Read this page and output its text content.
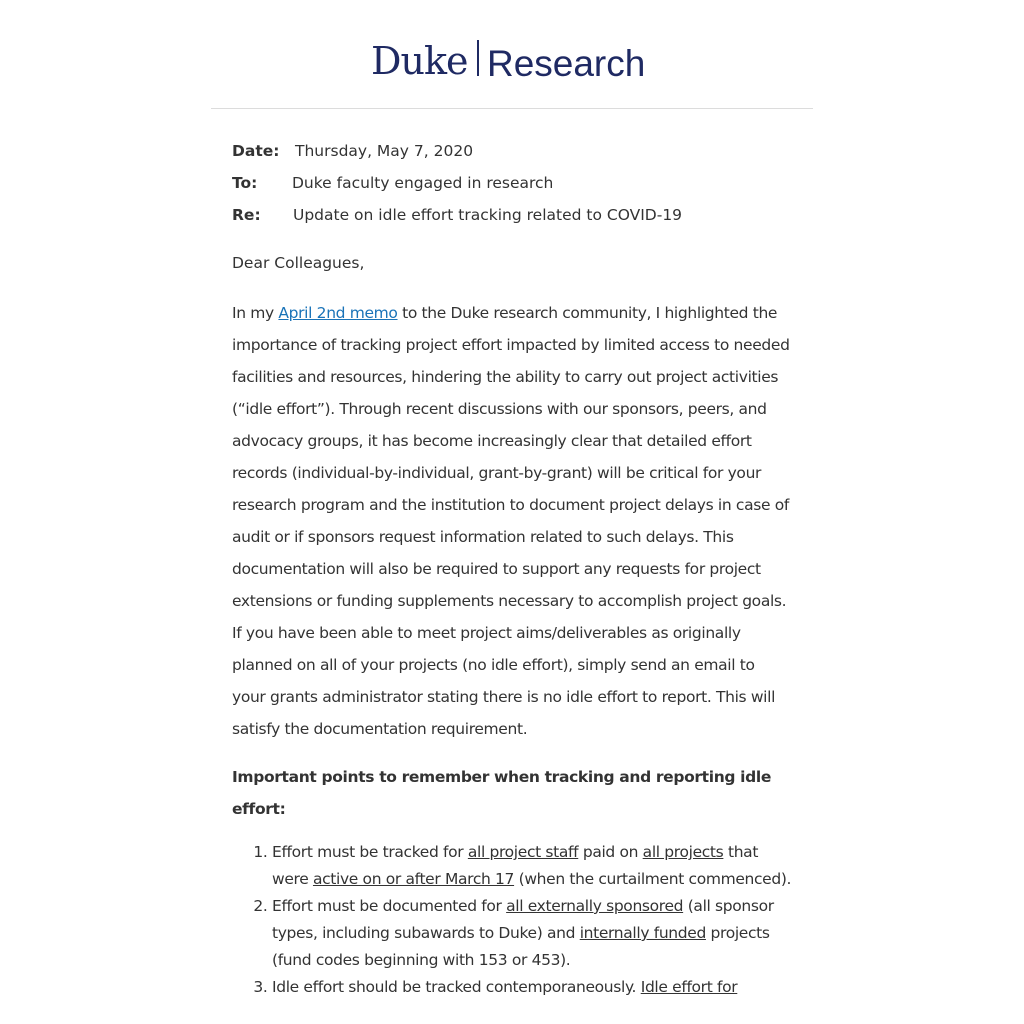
Duke Research
Date: Thursday, May 7, 2020
To: Duke faculty engaged in research
Re: Update on idle effort tracking related to COVID-19
Dear Colleagues,
In my April 2nd memo to the Duke research community, I highlighted the importance of tracking project effort impacted by limited access to needed facilities and resources, hindering the ability to carry out project activities (“idle effort”). Through recent discussions with our sponsors, peers, and advocacy groups, it has become increasingly clear that detailed effort records (individual-by-individual, grant-by-grant) will be critical for your research program and the institution to document project delays in case of audit or if sponsors request information related to such delays. This documentation will also be required to support any requests for project extensions or funding supplements necessary to accomplish project goals. If you have been able to meet project aims/deliverables as originally planned on all of your projects (no idle effort), simply send an email to your grants administrator stating there is no idle effort to report. This will satisfy the documentation requirement.
Important points to remember when tracking and reporting idle effort:
1. Effort must be tracked for all project staff paid on all projects that were active on or after March 17 (when the curtailment commenced).
2. Effort must be documented for all externally sponsored (all sponsor types, including subawards to Duke) and internally funded projects (fund codes beginning with 153 or 453).
3. Idle effort should be tracked contemporaneously. Idle effort for
